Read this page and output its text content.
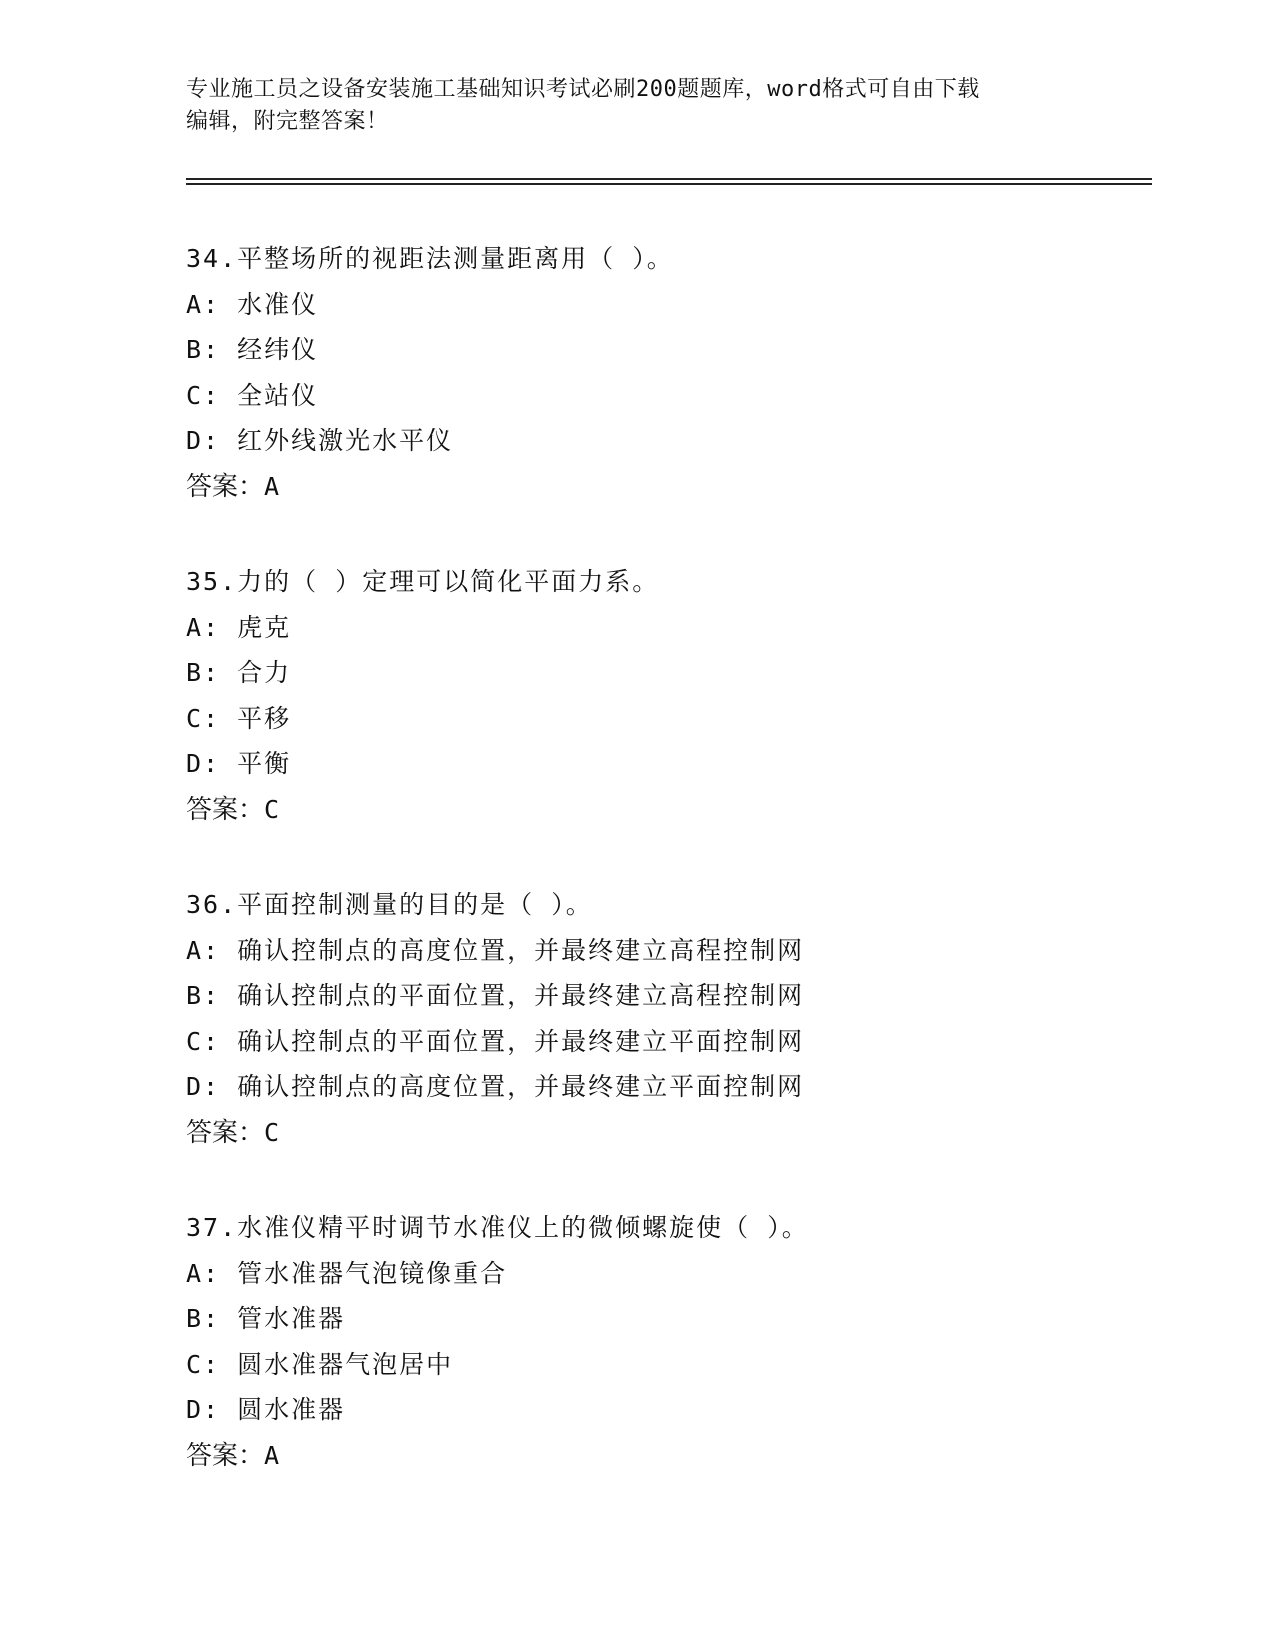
专业施工员之设备安装施工基础知识考试必刷200题题库，word格式可自由下载
编辑，附完整答案！
34.平整场所的视距法测量距离用（ ）。
A: 水准仪
B: 经纬仪
C: 全站仪
D: 红外线激光水平仪
答案：A
35.力的（ ）定理可以简化平面力系。
A: 虎克
B: 合力
C: 平移
D: 平衡
答案：C
36.平面控制测量的目的是（ ）。
A: 确认控制点的高度位置，并最终建立高程控制网
B: 确认控制点的平面位置，并最终建立高程控制网
C: 确认控制点的平面位置，并最终建立平面控制网
D: 确认控制点的高度位置，并最终建立平面控制网
答案：C
37.水准仪精平时调节水准仪上的微倾螺旋使（ ）。
A: 管水准器气泡镜像重合
B: 管水准器
C: 圆水准器气泡居中
D: 圆水准器
答案：A
